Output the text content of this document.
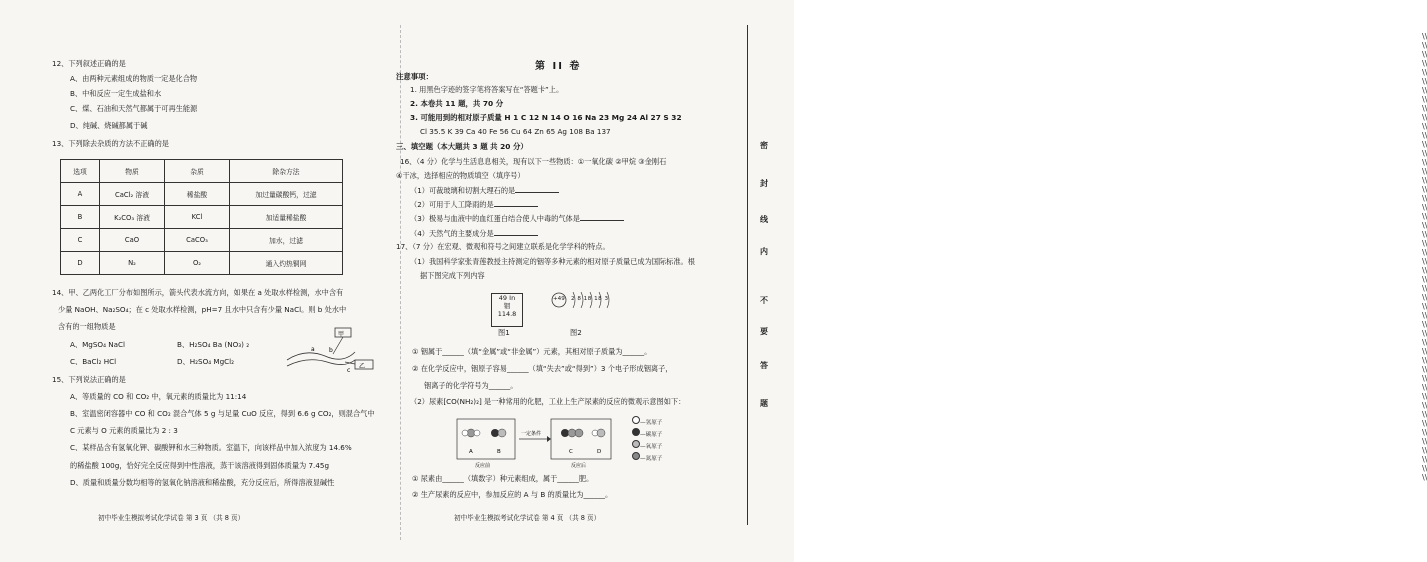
12、下列叙述正确的是
A、由两种元素组成的物质一定是化合物
B、中和反应一定生成盐和水
C、煤、石油和天然气都属于可再生能源
D、纯碱、烧碱都属于碱
13、下列除去杂质的方法不正确的是
选项	物质	杂质	除杂方法
A	CaCl₂ 溶液	稀盐酸	加过量碳酸钙，过滤
B	K₂CO₃ 溶液	KCl	加适量稀盐酸
C	CaO	CaCO₃	加水，过滤
D	N₂	O₂	通入灼热铜网
14、甲、乙两化工厂分布如图所示，箭头代表水流方向，如果在 a 处取水样检测，水中含有
少量 NaOH、Na₂SO₄；在 c 处取水样检测，pH=7 且水中只含有少量 NaCl。则 b 处水中
含有的一组物质是
A、MgSO₄ NaCl	B、H₂SO₄ Ba (NO₃) ₂
C、BaCl₂ HCl	D、H₂SO₄ MgCl₂
甲
乙
a b
c
15、下列说法正确的是
A、等质量的 CO 和 CO₂ 中，氧元素的质量比为 11:14
B、室温密闭容器中 CO 和 CO₂ 混合气体 5 g 与足量 CuO 反应，得到 6.6 g CO₂，则混合气中
C 元素与 O 元素的质量比为 2 : 3
C、某样品含有氢氧化钾、碳酸钾和水三种物质。室温下，向该样品中加入浓度为 14.6%
的稀盐酸 100g，恰好完全反应得到中性溶液，蒸干该溶液得到固体质量为 7.45g
D、质量和质量分数均相等的氢氧化钠溶液和稀盐酸，充分反应后，所得溶液显碱性
初中毕业生模拟考试化学试卷 第 3 页 （共 8 页）
第 II 卷
注意事项：
1. 用黑色字迹的签字笔将答案写在“答题卡”上。
2. 本卷共 11 题，共 70 分
3. 可能用到的相对原子质量 H 1 C 12 N 14 O 16 Na 23 Mg 24 Al 27 S 32
Cl 35.5 K 39 Ca 40 Fe 56 Cu 64 Zn 65 Ag 108 Ba 137
三、填空题（本大题共 3 题 共 20 分）
16、（4 分）化学与生活息息相关，现有以下一些物质：①一氧化碳 ②甲烷 ③金刚石
④干冰，选择相应的物质填空（填序号）
（1）可裁玻璃和切割大理石的是
（2）可用于人工降雨的是
（3）极易与血液中的血红蛋白结合使人中毒的气体是
（4）天然气的主要成分是
17、（7 分）在宏观、微观和符号之间建立联系是化学学科的特点。
（1）我国科学家张青莲教授主持测定的铟等多种元素的相对原子质量已成为国际标准。根
据下图完成下列内容
49 In
铟
114.8
图1
+49 2 8 18 18 3
图2
① 铟属于______（填“金属”或“非金属”）元素，其相对原子质量为______。
② 在化学反应中，铟原子容易______（填“失去”或“得到”）3 个电子形成铟离子，
铟离子的化学符号为______。
（2）尿素[CO(NH₂)₂] 是一种常用的化肥，工业上生产尿素的反应的微观示意图如下：
A	B	C	D
一定条件
反应前	反应后
—氢原子
—碳原子
—氧原子
—氮原子
① 尿素由______（填数字）种元素组成，属于______肥。
② 生产尿素的反应中，参加反应的 A 与 B 的质量比为______。
初中毕业生模拟考试化学试卷 第 4 页 （共 8 页）
\\
\\
\\
\\
\\
\\
\\
\\
\\
\\
\\
\\
\\
\\
\\
\\
\\
\\
\\
\\
\\
\\
\\
\\
\\
\\
\\
\\
\\
\\
\\
\\
\\
\\
\\
\\
\\
\\
\\
\\
\\
\\
\\
\\
\\
\\
\\
\\
\\
\\
密
封
线
内
不
要
答
题
